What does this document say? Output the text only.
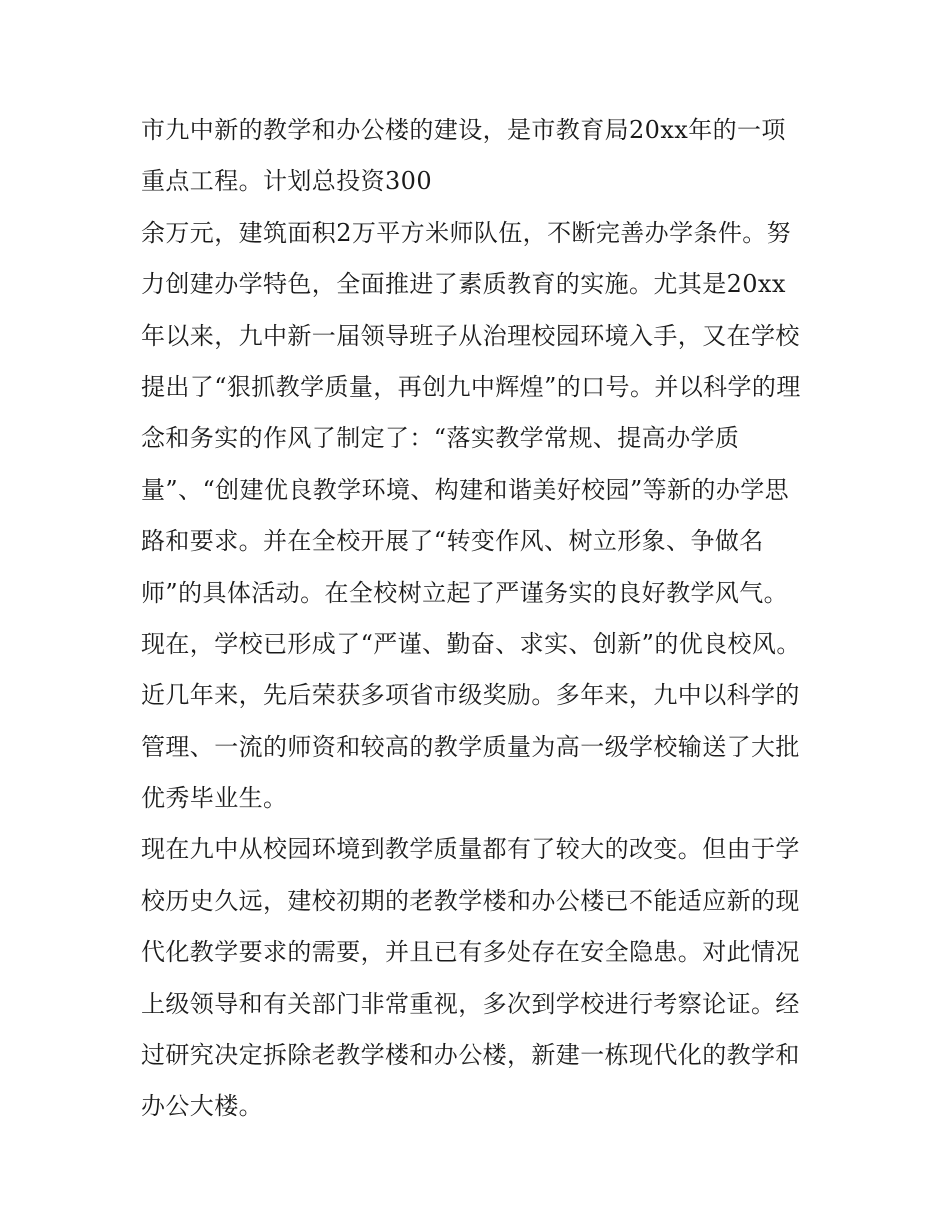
市九中新的教学和办公楼的建设，是市教育局20xx年的一项
重点工程。计划总投资300
余万元，建筑面积2万平方米师队伍，不断完善办学条件。努
力创建办学特色，全面推进了素质教育的实施。尤其是20xx
年以来，九中新一届领导班子从治理校园环境入手，又在学校
提出了“狠抓教学质量，再创九中辉煌”的口号。并以科学的理
念和务实的作风了制定了：“落实教学常规、提高办学质
量”、“创建优良教学环境、构建和谐美好校园”等新的办学思
路和要求。并在全校开展了“转变作风、树立形象、争做名
师”的具体活动。在全校树立起了严谨务实的良好教学风气。
现在，学校已形成了“严谨、勤奋、求实、创新”的优良校风。
近几年来，先后荣获多项省市级奖励。多年来，九中以科学的
管理、一流的师资和较高的教学质量为高一级学校输送了大批
优秀毕业生。
现在九中从校园环境到教学质量都有了较大的改变。但由于学
校历史久远，建校初期的老教学楼和办公楼已不能适应新的现
代化教学要求的需要，并且已有多处存在安全隐患。对此情况
上级领导和有关部门非常重视，多次到学校进行考察论证。经
过研究决定拆除老教学楼和办公楼，新建一栋现代化的教学和
办公大楼。
